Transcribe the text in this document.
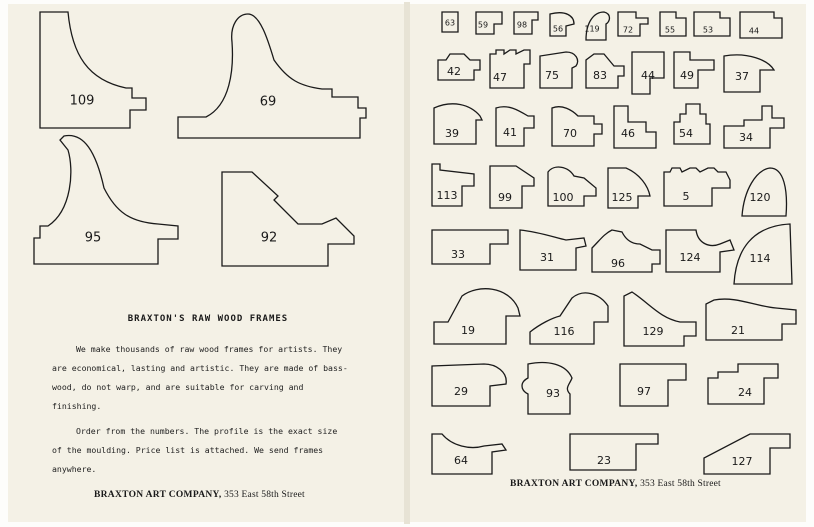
109	69
95	92
63	59	98	56	119	72	55	53	44
42	47	75	83	44 49	37
39	41	70	46	54	34
113	99	100	125	5	120
33	31	96	124	114
19	116	129	21
29	93	97	24
64	23	127
BRAXTON'S RAW WOOD FRAMES

We make thousands of raw wood frames for artists. They are economical, lasting and artistic. They are made of bass-wood, do not warp, and are suitable for carving and finishing.

Order from the numbers. The profile is the exact size of the moulding. Price list is attached. We send frames anywhere.

BRAXTON ART COMPANY, 353 East 58th Street
BRAXTON ART COMPANY, 353 East 58th Street
